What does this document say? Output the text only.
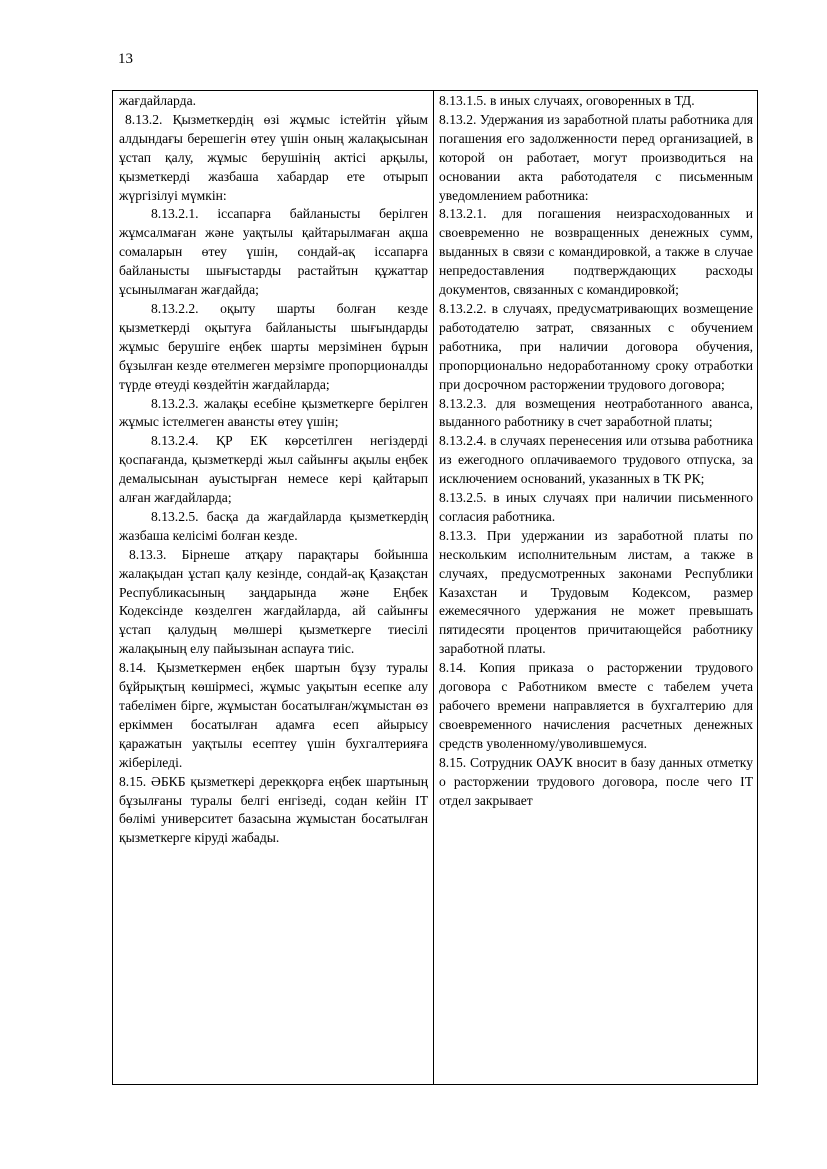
13

жағдайларда.

8.13.2. Қызметкердің өзі жұмыс істейтін ұйым алдындағы берешегін өтеу үшін оның жалақысынан ұстап қалу, жұмыс берушінің актісі арқылы, қызметкерді жазбаша хабардар ете отырып жүргізілуі мүмкін:

8.13.2.1. іссапарға байланысты берілген жұмсалмаған және уақтылы қайтарылмаған ақша сомаларын өтеу үшін, сондай-ақ іссапарға байланысты шығыстарды растайтын құжаттар ұсынылмаған жағдайда;

8.13.2.2. оқыту шарты болған кезде қызметкерді оқытуға байланысты шығындарды жұмыс берушіге еңбек шарты мерзімінен бұрын бұзылған кезде өтелмеген мерзімге пропорционалды түрде өтеуді көздейтін жағдайларда;

8.13.2.3. жалақы есебіне қызметкерге берілген жұмыс істелмеген авансты өтеу үшін;

8.13.2.4. ҚР ЕК көрсетілген негіздерді қоспағанда, қызметкерді жыл сайынғы ақылы еңбек демалысынан ауыстырған немесе кері қайтарып алған жағдайларда;

8.13.2.5. басқа да жағдайларда қызметкердің жазбаша келісімі болған кезде.

8.13.3. Бірнеше атқару парақтары бойынша жалақыдан ұстап қалу кезінде, сондай-ақ Қазақстан Республикасының заңдарында және Еңбек Кодексінде көзделген жағдайларда, ай сайынғы ұстап қалудың мөлшері қызметкерге тиесілі жалақының елу пайызынан аспауға тиіс.

8.14. Қызметкермен еңбек шартын бұзу туралы бұйрықтың көшірмесі, жұмыс уақытын есепке алу табелімен бірге, жұмыстан босатылған/жұмыстан өз еркіммен босатылған адамға есеп айырысу қаражатын уақтылы есептеу үшін бухгалтерияға жіберіледі.

8.15. ӘБКБ қызметкері дерекқорға еңбек шартының бұзылғаны туралы белгі енгізеді, содан кейін IT бөлімі университет базасына жұмыстан босатылған қызметкерге кіруді жабады.

8.13.1.5. в иных случаях, оговоренных в ТД.

8.13.2. Удержания из заработной платы работника для погашения его задолженности перед организацией, в которой он работает, могут производиться на основании акта работодателя с письменным уведомлением работника:

8.13.2.1. для погашения неизрасходованных и своевременно не возвращенных денежных сумм, выданных в связи с командировкой, а также в случае непредоставления подтверждающих расходы документов, связанных с командировкой;

8.13.2.2. в случаях, предусматривающих возмещение работодателю затрат, связанных с обучением работника, при наличии договора обучения, пропорционально недоработанному сроку отработки при досрочном расторжении трудового договора;

8.13.2.3. для возмещения неотработанного аванса, выданного работнику в счет заработной платы;

8.13.2.4. в случаях перенесения или отзыва работника из ежегодного оплачиваемого трудового отпуска, за исключением оснований, указанных в ТК РК;

8.13.2.5. в иных случаях при наличии письменного согласия работника.

8.13.3. При удержании из заработной платы по нескольким исполнительным листам, а также в случаях, предусмотренных законами Республики Казахстан и Трудовым Кодексом, размер ежемесячного удержания не может превышать пятидесяти процентов причитающейся работнику заработной платы.

8.14. Копия приказа о расторжении трудового договора с Работником вместе с табелем учета рабочего времени направляется в бухгалтерию для своевременного начисления расчетных денежных средств уволенному/уволившемуся.

8.15. Сотрудник ОАУК вносит в базу данных отметку о расторжении трудового договора, после чего IT отдел закрывает
